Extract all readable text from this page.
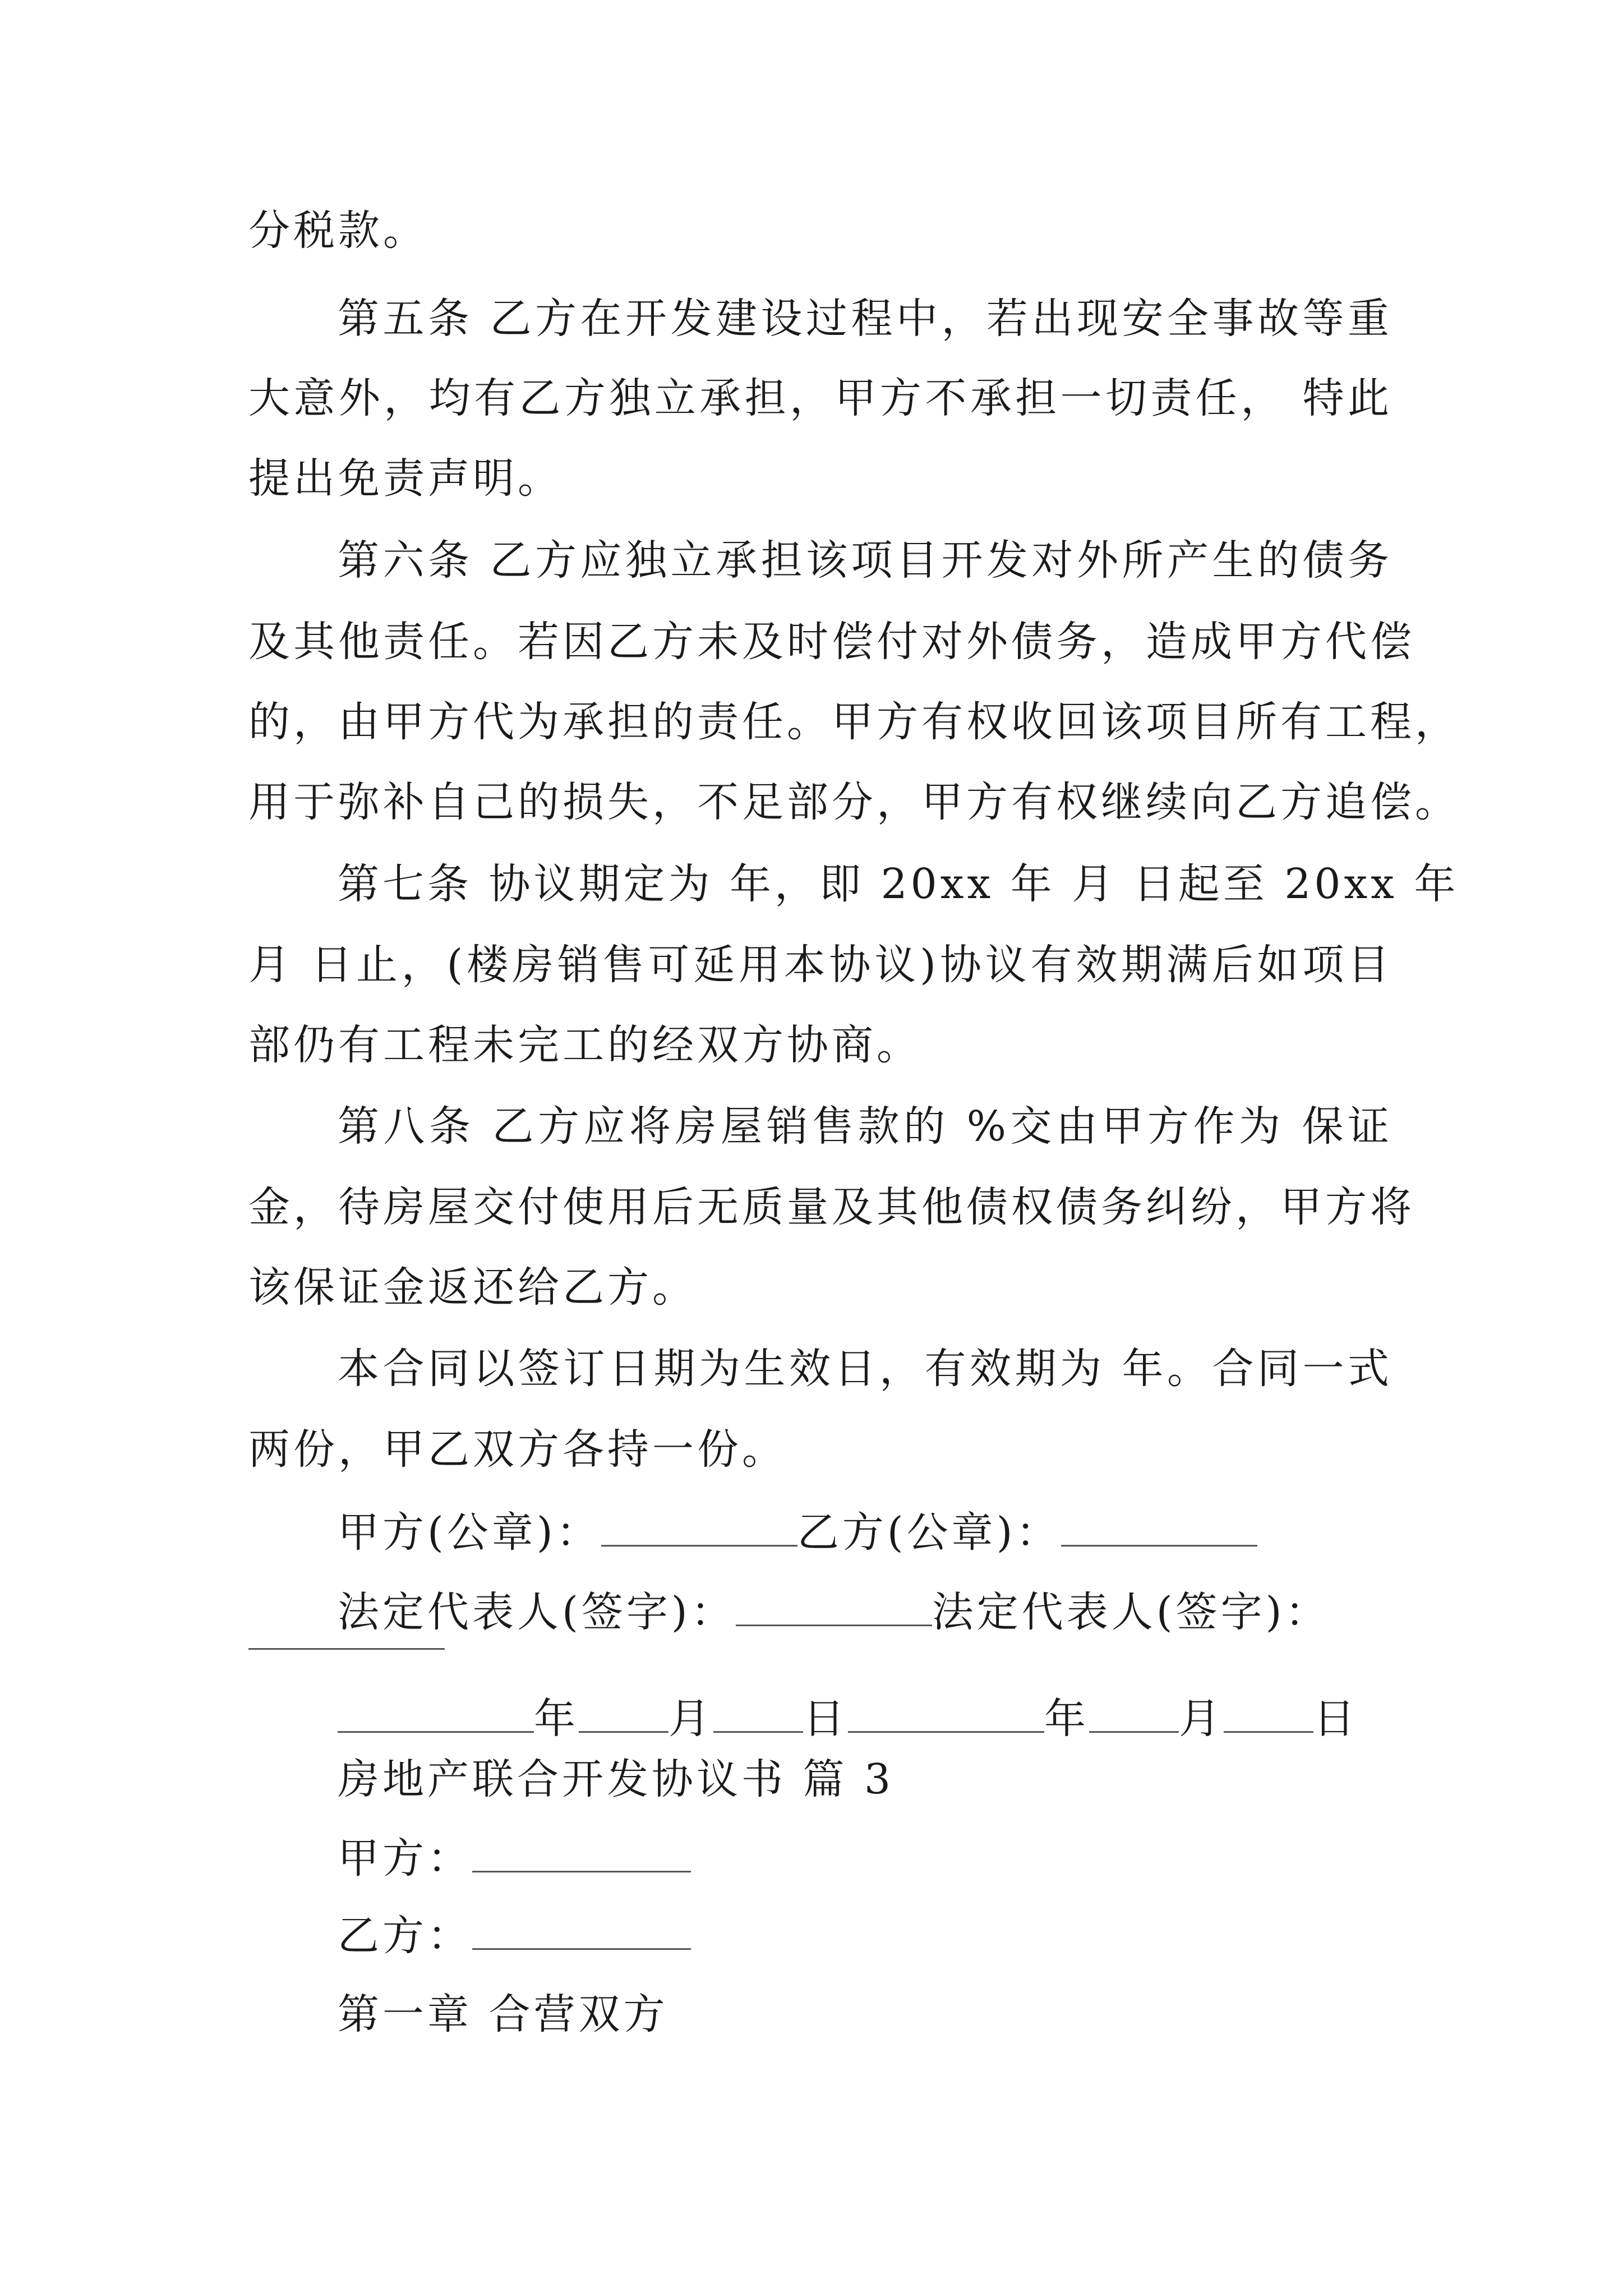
分税款。
第五条 乙方在开发建设过程中，若出现安全事故等重
大意外，均有乙方独立承担，甲方不承担一切责任， 特此
提出免责声明。
第六条 乙方应独立承担该项目开发对外所产生的债务
及其他责任。若因乙方未及时偿付对外债务，造成甲方代偿
的，由甲方代为承担的责任。甲方有权收回该项目所有工程，
用于弥补自己的损失，不足部分，甲方有权继续向乙方追偿。
第七条 协议期定为 年，即 20xx 年 月 日起至 20xx 年
月 日止，(楼房销售可延用本协议)协议有效期满后如项目
部仍有工程未完工的经双方协商。
第八条 乙方应将房屋销售款的 %交由甲方作为 保证
金，待房屋交付使用后无质量及其他债权债务纠纷，甲方将
该保证金返还给乙方。
本合同以签订日期为生效日，有效期为 年。合同一式
两份，甲乙双方各持一份。
甲方(公章)：	乙方(公章)：
法定代表人(签字)：	法定代表人(签字)：
年 月 日	年 月 日
房地产联合开发协议书 篇 3
甲方：
乙方：
第一章 合营双方
